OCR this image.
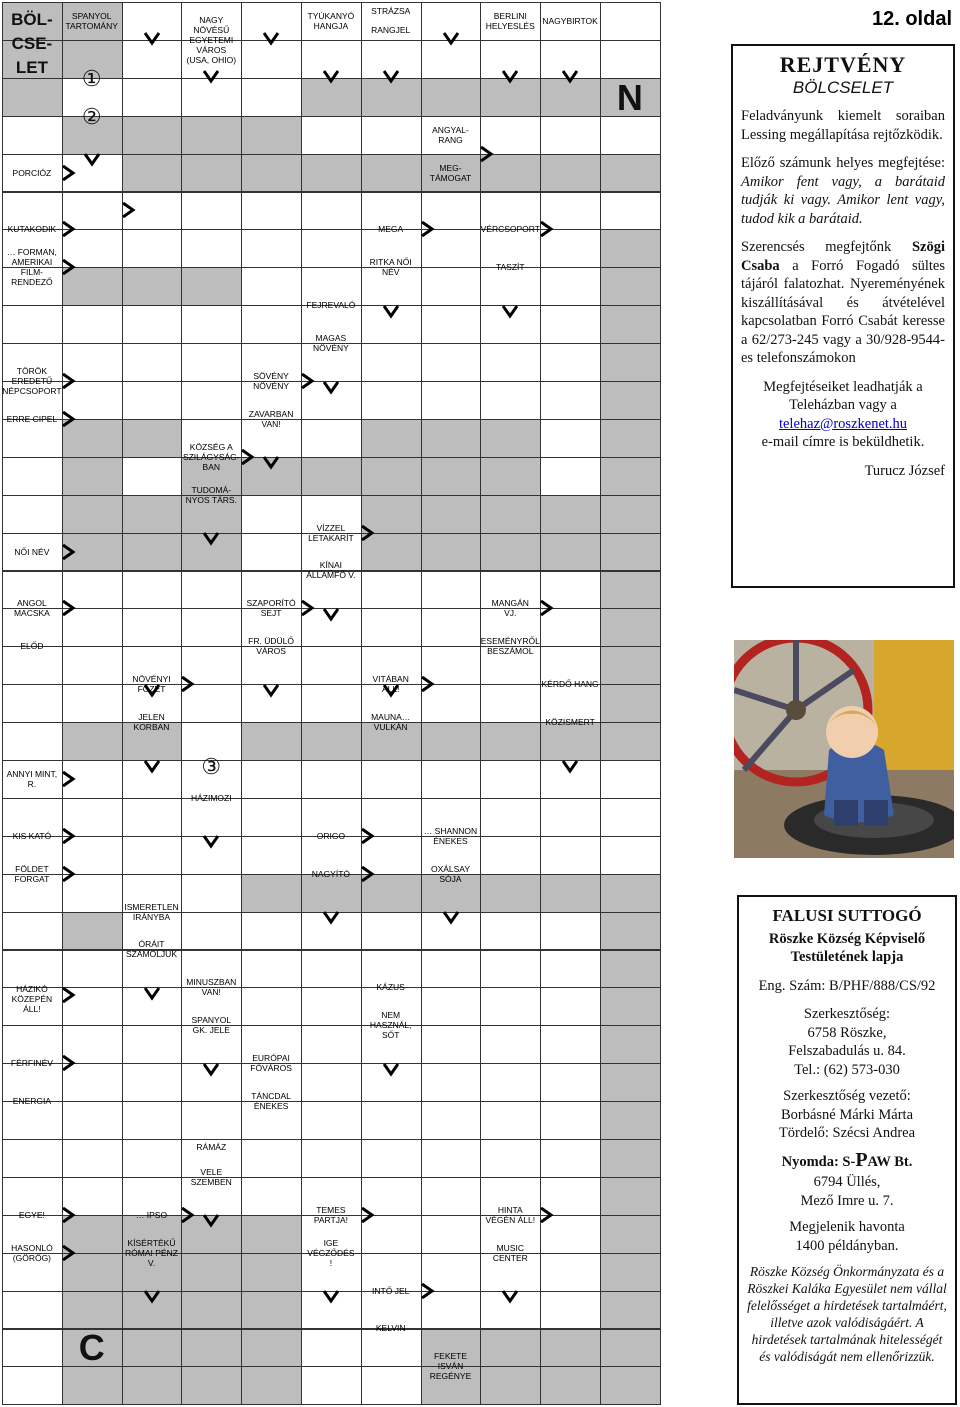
SPANYOL
TARTOMÁNY
NAGY
NÖVÉSŰ
EGYETEMI
VÁROS
(USA, OHIO)
TYÚKANYÓ
HANGJA
STRÁZSA
RANGJEL
BERLINI
HELYESLÉS NAGYBIRTOK
PORCIÓZ
ANGYAL-
RANG
MEG-
TÁMOGAT
KUTAKODIK	MEGA	VÉRCSOPORT
… FORMAN,
AMERIKAI
FILM-RENDEZŐ
RITKA NŐI
NÉV	TASZÍT
FEJREVALÓ
MAGAS
NÖVÉNY
TÖRÖK
EREDETŰ
NÉPCSOPORT
SÖVÉNY
NÖVÉNY
ERRE CIPEL	ZAVARBAN
VAN!
KÖZSÉG A
SZILÁGYSÁG-
BAN
TUDOMÁ-
NYOS TÁRS.
VÍZZEL
LETAKARÍT
NŐI NÉV
KÍNAI
ÁLLAMFŐ V.
ANGOL
MACSKA
SZAPORÍTÓ
SEJT
MANGÁN
VJ.
ELŐD	FR. ÜDÜLŐ
VÁROS
ESEMÉNYRŐL
BESZÁMOL
NÖVÉNYI
FŐZET
VITÁBAN
ÁLL!	KÉRDŐ HANG
JELEN
KORBAN
MAUNA…
VULKÁN	KÖZISMERT
ANNYI MINT,
R.
HÁZIMOZI
KIS KATÓ	ORIGO	… SHANNON
ÉNEKES
FÖLDET
FORGAT	NAGYÍTÓ	OXÁLSAY
SÓJA
ISMERETLEN
IRÁNYBA
ÓRÁIT
SZÁMOLJUK
HÁZIKÓ
KÖZEPÉN
ÁLL!
MINUSZBAN
VAN!	KÁZUS
SPANYOL
GK. JELE
NEM
HASZNÁL,
SŐT
FÉRFINÉV	EURÓPAI
FŐVÁROS
ENERGIA	TÁNCDAL
ÉNEKES
RÁMÁZ
VELE
SZEMBEN
EGYE!	… IPSO	TEMES
PARTJA!
HINTA
VÉGÉN ÁLL!
HASONLÓ
(GÖRÖG)
KÍSÉRTÉKŰ
RÓMAI PÉNZ V.
IGE
VÉGZŐDÉS
!
MUSIC
CENTER
INTŐ JEL
KELVIN
FEKETE
ISVÁN
REGÉNYE
BÖL-
CSE-
LET	①
②
③
N
C
12. oldal
REJTVÉNY
BÖLCSELET

Feladványunk kiemelt soraiban Lessing megállapítása rejtőzködik.

Előző számunk helyes megfejtése: Amikor fent vagy, a barátaid tudják ki vagy. Amikor lent vagy, tudod kik a barátaid.

Szerencsés megfejtőnk Szögi Csaba a Forró Fogadó sültes tájáról falatozhat. Nyereményének kiszállításával és átvételével kapcsolatban Forró Csabát keresse a 62/273-245 vagy a 30/928-9544-es telefonszámokon

Megfejtéseiket leadhatják a Teleházban vagy a
telehaz@roszkenet.hu
e-mail címre is beküldhetik.
Turucz József
FALUSI SUTTOGÓ
Röszke Község Képviselő Testületének lapja
Eng. Szám: B/PHF/888/CS/92
Szerkesztőség:
6758 Röszke,
Felszabadulás u. 84.
Tel.: (62) 573-030
Szerkesztőség vezető:
Borbásné Márki Márta
Tördelő: Szécsi Andrea
Nyomda: S-PAW Bt.
6794 Üllés,
Mező Imre u. 7.
Megjelenik havonta
1400 példányban.
Röszke Község Önkormányzata és a Röszkei Kaláka Egyesület nem vállal felelősséget a hirdetések tartalmáért, illetve azok valódiságáért. A hirdetések tartalmának hitelességét és valódiságát nem ellenőrizzük.
